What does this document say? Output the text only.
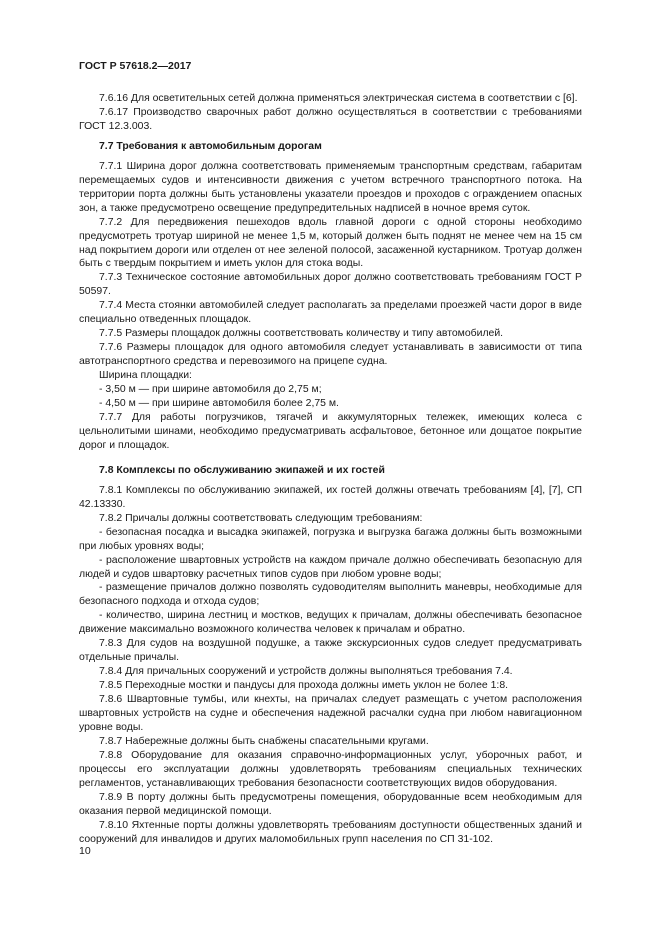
ГОСТ Р 57618.2—2017

7.6.16 Для осветительных сетей должна применяться электрическая система в соответствии с [6].

7.6.17 Производство сварочных работ должно осуществляться в соответствии с требованиями ГОСТ 12.3.003.

7.7 Требования к автомобильным дорогам

7.7.1 Ширина дорог должна соответствовать применяемым транспортным средствам, габаритам перемещаемых судов и интенсивности движения с учетом встречного транспортного потока. На территории порта должны быть установлены указатели проездов и проходов с ограждением опасных зон, а также предусмотрено освещение предупредительных надписей в ночное время суток.

7.7.2 Для передвижения пешеходов вдоль главной дороги с одной стороны необходимо предусмотреть тротуар шириной не менее 1,5 м, который должен быть поднят не менее чем на 15 см над покрытием дороги или отделен от нее зеленой полосой, засаженной кустарником. Тротуар должен быть с твердым покрытием и иметь уклон для стока воды.

7.7.3 Техническое состояние автомобильных дорог должно соответствовать требованиям ГОСТ Р 50597.

7.7.4 Места стоянки автомобилей следует располагать за пределами проезжей части дорог в виде специально отведенных площадок.

7.7.5 Размеры площадок должны соответствовать количеству и типу автомобилей.

7.7.6 Размеры площадок для одного автомобиля следует устанавливать в зависимости от типа автотранспортного средства и перевозимого на прицепе судна.

Ширина площадки:

- 3,50 м — при ширине автомобиля до 2,75 м;

- 4,50 м — при ширине автомобиля более 2,75 м.

7.7.7 Для работы погрузчиков, тягачей и аккумуляторных тележек, имеющих колеса с цельнолитыми шинами, необходимо предусматривать асфальтовое, бетонное или дощатое покрытие дорог и площадок.

7.8 Комплексы по обслуживанию экипажей и их гостей

7.8.1 Комплексы по обслуживанию экипажей, их гостей должны отвечать требованиям [4], [7], СП 42.13330.

7.8.2 Причалы должны соответствовать следующим требованиям:

- безопасная посадка и высадка экипажей, погрузка и выгрузка багажа должны быть возможными при любых уровнях воды;

- расположение швартовных устройств на каждом причале должно обеспечивать безопасную для людей и судов швартовку расчетных типов судов при любом уровне воды;

- размещение причалов должно позволять судоводителям выполнить маневры, необходимые для безопасного подхода и отхода судов;

- количество, ширина лестниц и мостков, ведущих к причалам, должны обеспечивать безопасное движение максимально возможного количества человек к причалам и обратно.

7.8.3 Для судов на воздушной подушке, а также экскурсионных судов следует предусматривать отдельные причалы.

7.8.4 Для причальных сооружений и устройств должны выполняться требования 7.4.

7.8.5 Переходные мостки и пандусы для прохода должны иметь уклон не более 1:8.

7.8.6 Швартовные тумбы, или кнехты, на причалах следует размещать с учетом расположения швартовных устройств на судне и обеспечения надежной расчалки судна при любом навигационном уровне воды.

7.8.7 Набережные должны быть снабжены спасательными кругами.

7.8.8 Оборудование для оказания справочно-информационных услуг, уборочных работ, и процессы его эксплуатации должны удовлетворять требованиям специальных технических регламентов, устанавливающих требования безопасности соответствующих видов оборудования.

7.8.9 В порту должны быть предусмотрены помещения, оборудованные всем необходимым для оказания первой медицинской помощи.

7.8.10 Яхтенные порты должны удовлетворять требованиям доступности общественных зданий и сооружений для инвалидов и других маломобильных групп населения по СП 31-102.

10
